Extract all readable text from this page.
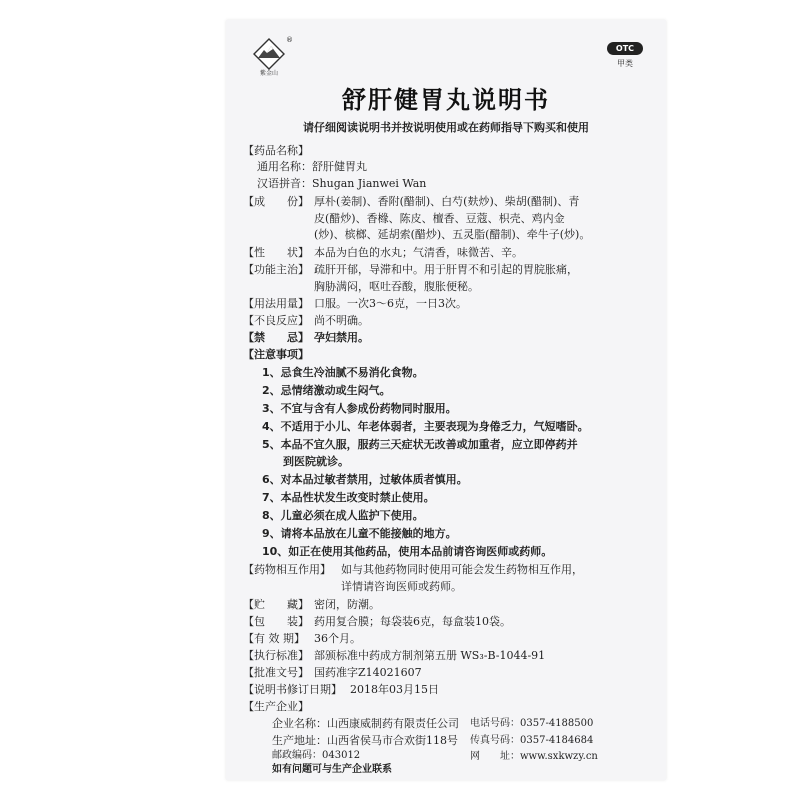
®
紫金山
OTC
甲类
舒肝健胃丸说明书
请仔细阅读说明书并按说明使用或在药师指导下购买和使用
【药品名称】
通用名称：舒肝健胃丸
汉语拼音：Shugan Jianwei Wan
【成　　份】 厚朴(姜制)、香附(醋制)、白芍(麸炒)、柴胡(醋制)、青
皮(醋炒)、香橼、陈皮、檀香、豆蔻、枳壳、鸡内金
(炒)、槟榔、延胡索(醋炒)、五灵脂(醋制)、牵牛子(炒)。
【性　　状】 本品为白色的水丸；气清香，味微苦、辛。
【功能主治】 疏肝开郁，导滞和中。用于肝胃不和引起的胃脘胀痛，
胸胁满闷，呕吐吞酸，腹胀便秘。
【用法用量】 口服。一次3～6克，一日3次。
【不良反应】 尚不明确。
【禁　　忌】 孕妇禁用。
【注意事项】
1、忌食生冷油腻不易消化食物。
2、忌情绪激动或生闷气。
3、不宜与含有人参成份药物同时服用。
4、不适用于小儿、年老体弱者，主要表现为身倦乏力，气短嗜卧。
5、本品不宜久服，服药三天症状无改善或加重者，应立即停药并
到医院就诊。
6、对本品过敏者禁用，过敏体质者慎用。
7、本品性状发生改变时禁止使用。
8、儿童必须在成人监护下使用。
9、请将本品放在儿童不能接触的地方。
10、如正在使用其他药品，使用本品前请咨询医师或药师。
【药物相互作用】 如与其他药物同时使用可能会发生药物相互作用，
详情请咨询医师或药师。
【贮　　藏】 密闭，防潮。
【包　　装】 药用复合膜；每袋装6克，每盒装10袋。
【有 效 期】 36个月。
【执行标准】 部颁标准中药成方制剂第五册 WS₃-B-1044-91
【批准文号】 国药准字Z14021607
【说明书修订日期】 2018年03月15日
【生产企业】
企业名称：山西康威制药有限责任公司
生产地址：山西省侯马市合欢街118号
邮政编码：043012
如有问题可与生产企业联系
电话号码：0357-4188500
传真号码：0357-4184684
网　　址：www.sxkwzy.cn
